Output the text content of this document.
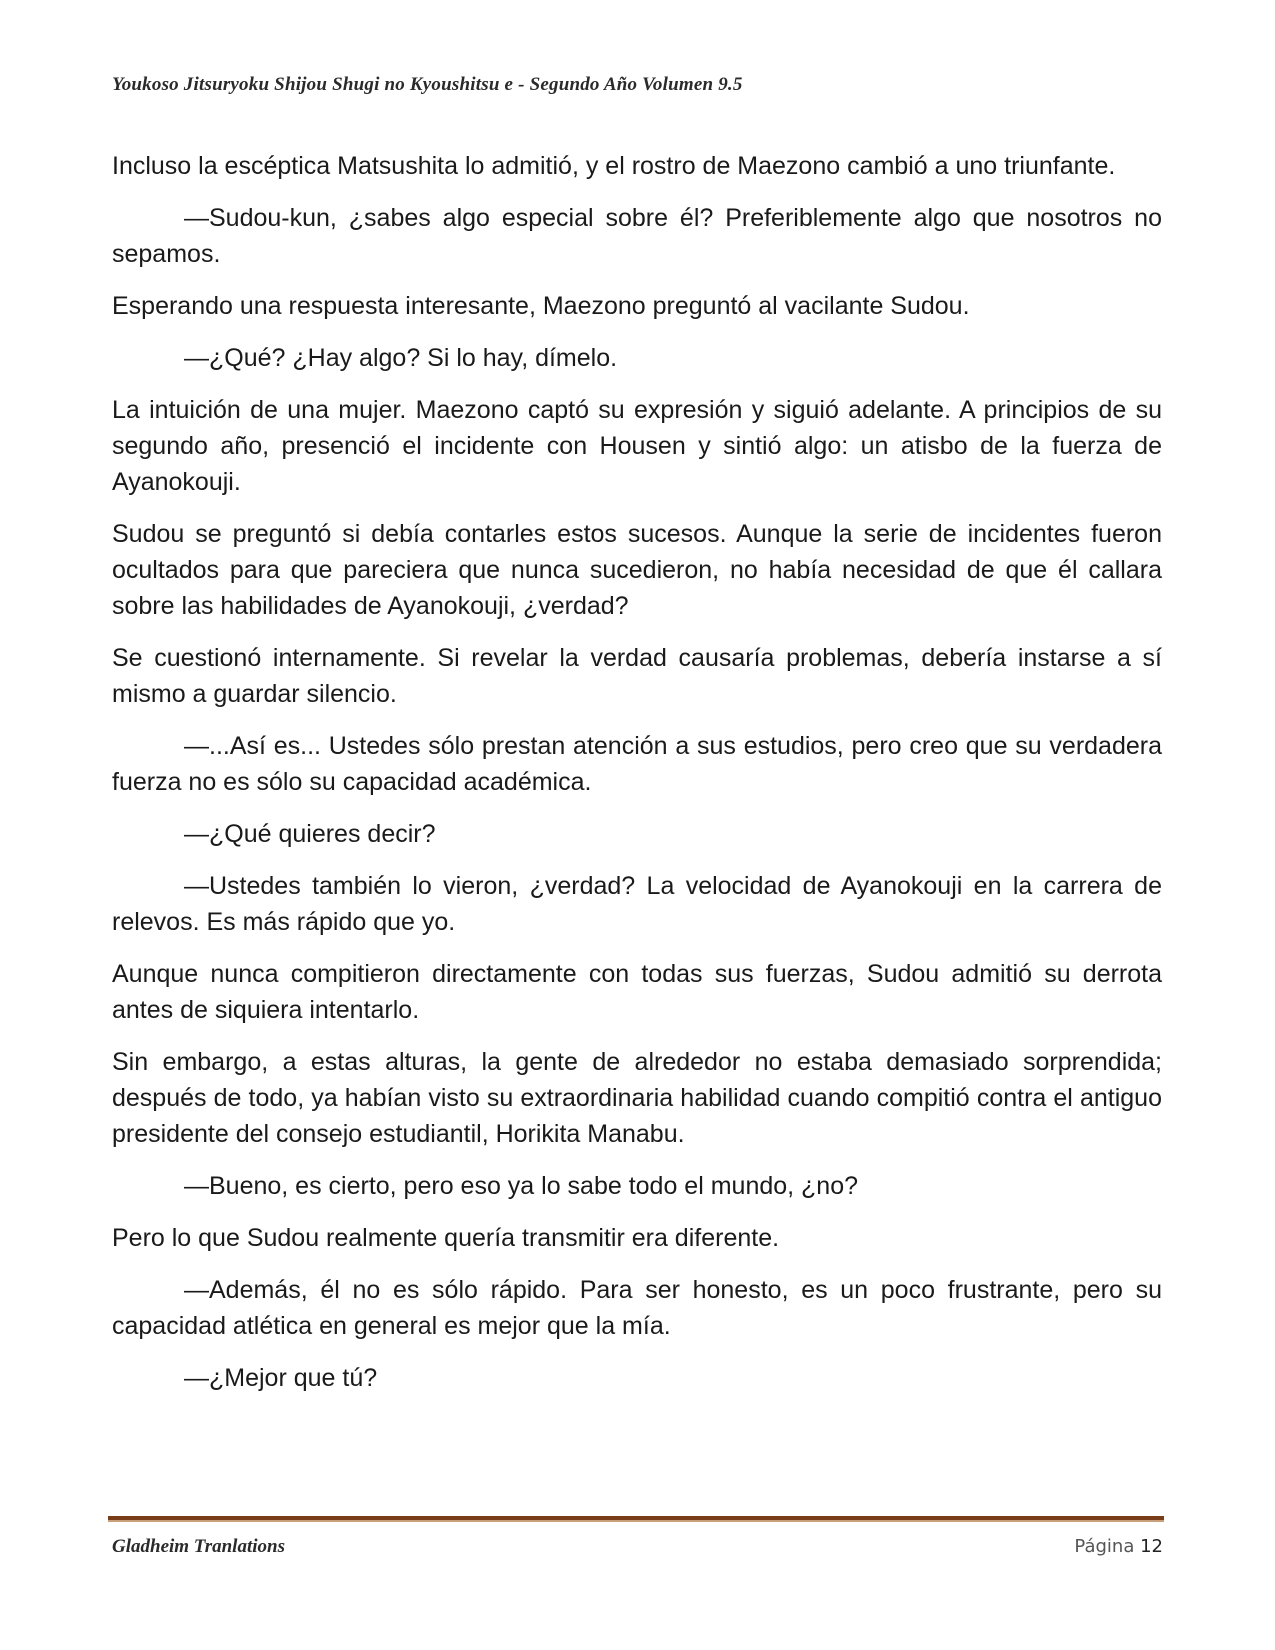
Youkoso Jitsuryoku Shijou Shugi no Kyoushitsu e - Segundo Año Volumen 9.5

Incluso la escéptica Matsushita lo admitió, y el rostro de Maezono cambió a uno triunfante.

—Sudou-kun, ¿sabes algo especial sobre él? Preferiblemente algo que nosotros no sepamos.

Esperando una respuesta interesante, Maezono preguntó al vacilante Sudou.

—¿Qué? ¿Hay algo? Si lo hay, dímelo.

La intuición de una mujer. Maezono captó su expresión y siguió adelante. A principios de su segundo año, presenció el incidente con Housen y sintió algo: un atisbo de la fuerza de Ayanokouji.

Sudou se preguntó si debía contarles estos sucesos. Aunque la serie de incidentes fueron ocultados para que pareciera que nunca sucedieron, no había necesidad de que él callara sobre las habilidades de Ayanokouji, ¿verdad?

Se cuestionó internamente. Si revelar la verdad causaría problemas, debería instarse a sí mismo a guardar silencio.

—...Así es... Ustedes sólo prestan atención a sus estudios, pero creo que su verdadera fuerza no es sólo su capacidad académica.

—¿Qué quieres decir?

—Ustedes también lo vieron, ¿verdad? La velocidad de Ayanokouji en la carrera de relevos. Es más rápido que yo.

Aunque nunca compitieron directamente con todas sus fuerzas, Sudou admitió su derrota antes de siquiera intentarlo.

Sin embargo, a estas alturas, la gente de alrededor no estaba demasiado sorprendida; después de todo, ya habían visto su extraordinaria habilidad cuando compitió contra el antiguo presidente del consejo estudiantil, Horikita Manabu.

—Bueno, es cierto, pero eso ya lo sabe todo el mundo, ¿no?

Pero lo que Sudou realmente quería transmitir era diferente.

—Además, él no es sólo rápido. Para ser honesto, es un poco frustrante, pero su capacidad atlética en general es mejor que la mía.

—¿Mejor que tú?

Gladheim Tranlations	Página 12
